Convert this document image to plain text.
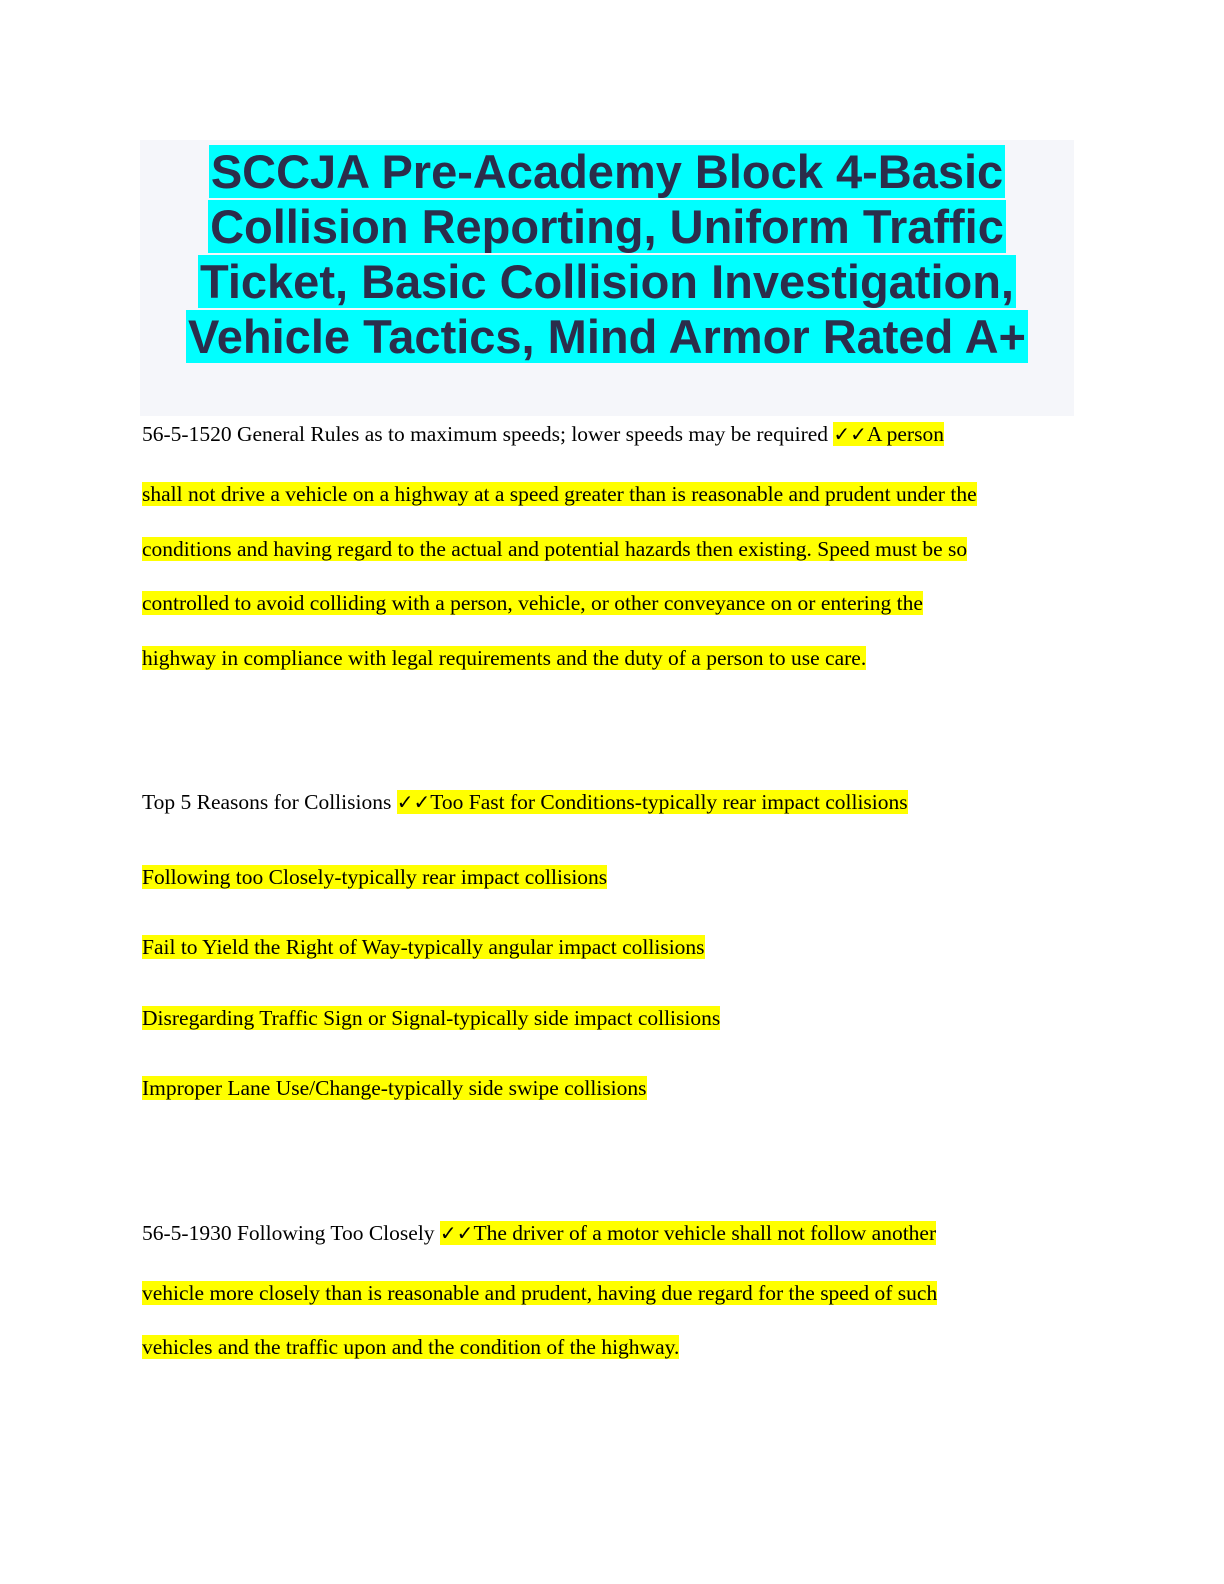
SCCJA Pre-Academy Block 4-Basic
Collision Reporting, Uniform Traffic
Ticket, Basic Collision Investigation,
Vehicle Tactics, Mind Armor Rated A+

56-5-1520 General Rules as to maximum speeds; lower speeds may be required ✓✓A person
shall not drive a vehicle on a highway at a speed greater than is reasonable and prudent under the
conditions and having regard to the actual and potential hazards then existing. Speed must be so
controlled to avoid colliding with a person, vehicle, or other conveyance on or entering the
highway in compliance with legal requirements and the duty of a person to use care.
Top 5 Reasons for Collisions ✓✓Too Fast for Conditions-typically rear impact collisions
Following too Closely-typically rear impact collisions
Fail to Yield the Right of Way-typically angular impact collisions
Disregarding Traffic Sign or Signal-typically side impact collisions
Improper Lane Use/Change-typically side swipe collisions
56-5-1930 Following Too Closely ✓✓The driver of a motor vehicle shall not follow another
vehicle more closely than is reasonable and prudent, having due regard for the speed of such
vehicles and the traffic upon and the condition of the highway.
